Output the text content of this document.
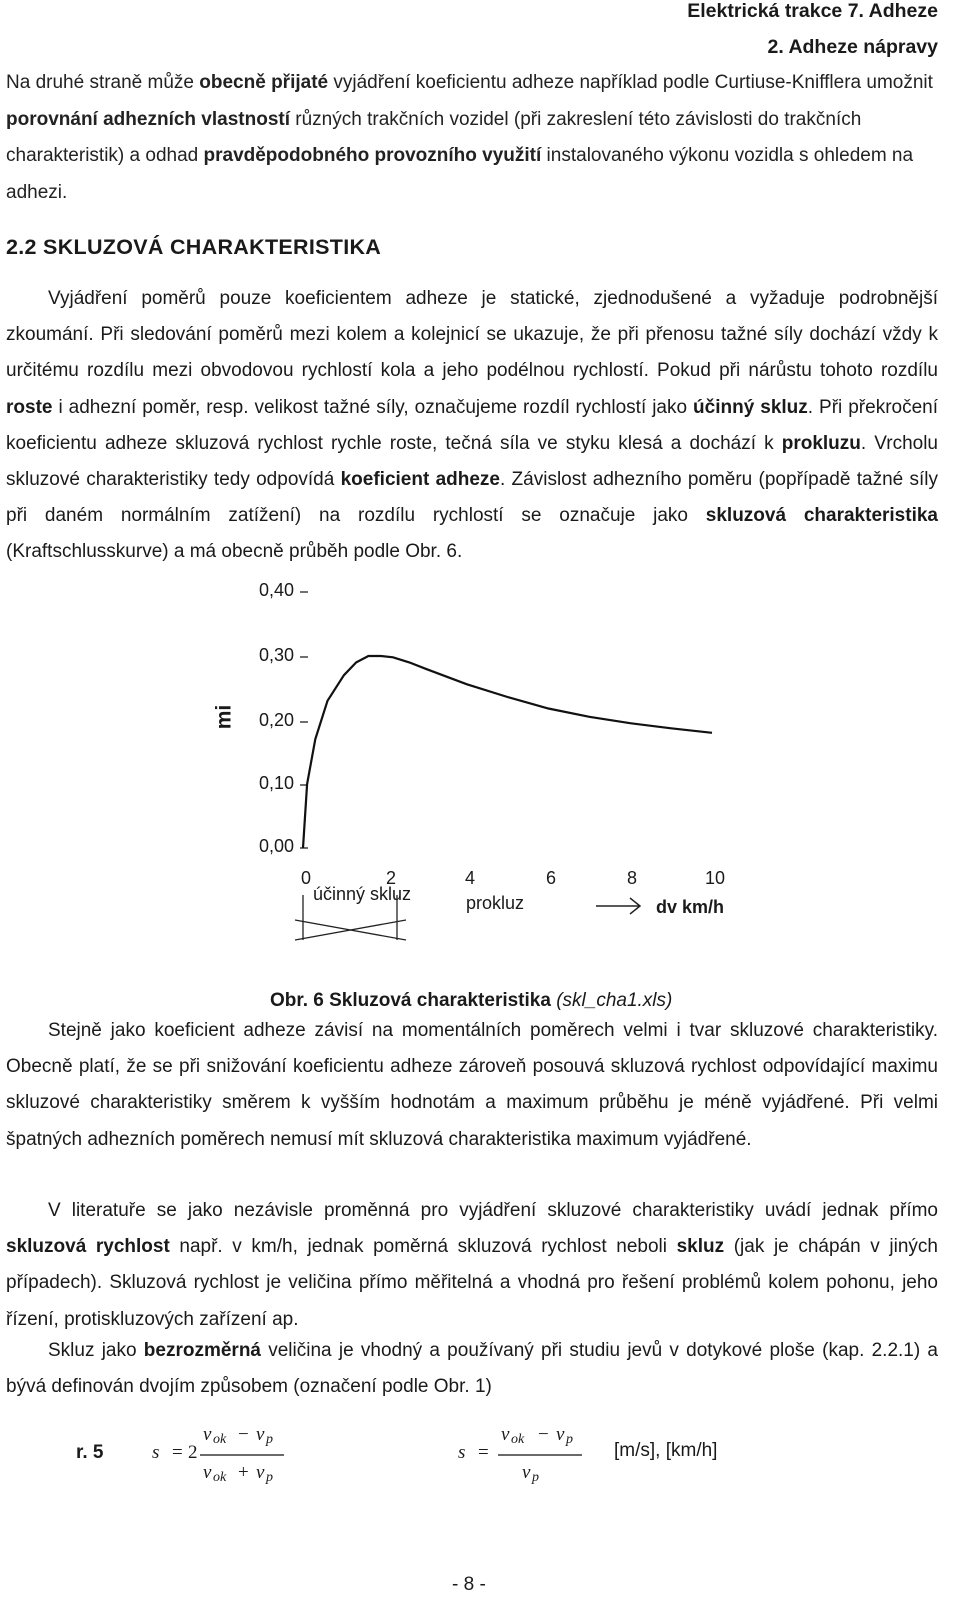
Elektrická trakce 7. Adheze
2. Adheze nápravy
Na druhé straně může obecně přijaté vyjádření koeficientu adheze například podle Curtiuse-Knifflera umožnit porovnání adhezních vlastností různých trakčních vozidel (při zakreslení této závislosti do trakčních charakteristik) a odhad pravděpodobného provozního využití instalovaného výkonu vozidla s ohledem na adhezi.
2.2 SKLUZOVÁ CHARAKTERISTIKA
Vyjádření poměrů pouze koeficientem adheze je statické, zjednodušené a vyžaduje podrobnější zkoumání. Při sledování poměrů mezi kolem a kolejnicí se ukazuje, že při přenosu tažné síly dochází vždy k určitému rozdílu mezi obvodovou rychlostí kola a jeho podélnou rychlostí. Pokud při nárůstu tohoto rozdílu roste i adhezní poměr, resp. velikost tažné síly, označujeme rozdíl rychlostí jako účinný skluz. Při překročení koeficientu adheze skluzová rychlost rychle roste, tečná síla ve styku klesá a dochází k prokluzu. Vrcholu skluzové charakteristiky tedy odpovídá koeficient adheze. Závislost adhezního poměru (popřípadě tažné síly při daném normálním zatížení) na rozdílu rychlostí se označuje jako skluzová charakteristika (Kraftschlusskurve) a má obecně průběh podle Obr. 6.
0,40
0,30
0,20
0,10
0,00
mi
0	2	4	6	8	10
účinný skluz	prokluz	dv km/h
Obr. 6 Skluzová charakteristika (skl_cha1.xls)
Stejně jako koeficient adheze závisí na momentálních poměrech velmi i tvar skluzové charakteristiky. Obecně platí, že se při snižování koeficientu adheze zároveň posouvá skluzová rychlost odpovídající maximu skluzové charakteristiky směrem k vyšším hodnotám a maximum průběhu je méně vyjádřené. Při velmi špatných adhezních poměrech nemusí mít skluzová charakteristika maximum vyjádřené.
V literatuře se jako nezávisle proměnná pro vyjádření skluzové charakteristiky uvádí jednak přímo skluzová rychlost např. v km/h, jednak poměrná skluzová rychlost neboli skluz (jak je chápán v jiných případech). Skluzová rychlost je veličina přímo měřitelná a vhodná pro řešení problémů kolem pohonu, jeho řízení, protiskluzových zařízení ap.
Skluz jako bezrozměrná veličina je vhodný a používaný při studiu jevů v dotykové ploše (kap. 2.2.1) a bývá definován dvojím způsobem (označení podle Obr. 1)
r. 5	s = 2
v ok − v p
v ok + v p
s =
v ok − v p
v p
[m/s], [km/h]
- 8 -
